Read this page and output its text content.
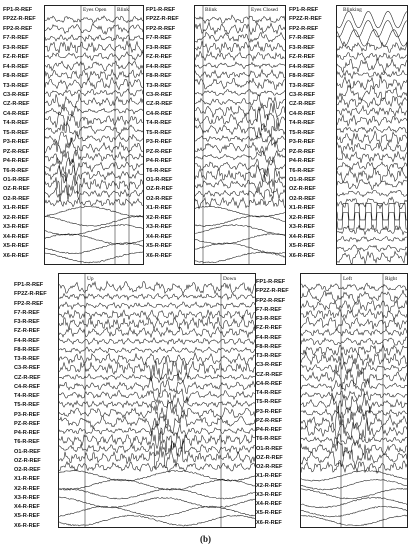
FP1-R-REF
FP2Z-R-REF
FP2-R-REF
F7-R-REF
F3-R-REF
FZ-R-REF
F4-R-REF
F8-R-REF
T3-R-REF
C3-R-REF
CZ-R-REF
C4-R-REF
T4-R-REF
T5-R-REF
P3-R-REF
PZ-R-REF
P4-R-REF
T6-R-REF
O1-R-REF
OZ-R-REF
O2-R-REF
X1-R-REF
X2-R-REF
X3-R-REF
X4-R-REF
X5-R-REF
X6-R-REF
FP1-R-REF
FP2Z-R-REF
FP2-R-REF
F7-R-REF
F3-R-REF
FZ-R-REF
F4-R-REF
F8-R-REF
T3-R-REF
C3-R-REF
CZ-R-REF
C4-R-REF
T4-R-REF
T5-R-REF
P3-R-REF
PZ-R-REF
P4-R-REF
T6-R-REF
O1-R-REF
OZ-R-REF
O2-R-REF
X1-R-REF
X2-R-REF
X3-R-REF
X4-R-REF
X5-R-REF
X6-R-REF
FP1-R-REF
FP2Z-R-REF
FP2-R-REF
F7-R-REF
F3-R-REF
FZ-R-REF
F4-R-REF
F8-R-REF
T3-R-REF
C3-R-REF
CZ-R-REF
C4-R-REF
T4-R-REF
T5-R-REF
P3-R-REF
PZ-R-REF
P4-R-REF
T6-R-REF
O1-R-REF
OZ-R-REF
O2-R-REF
X1-R-REF
X2-R-REF
X3-R-REF
X4-R-REF
X5-R-REF
X6-R-REF
FP1-R-REF
FP2Z-R-REF
FP2-R-REF
F7-R-REF
F3-R-REF
FZ-R-REF
F4-R-REF
F8-R-REF
T3-R-REF
C3-R-REF
CZ-R-REF
C4-R-REF
T4-R-REF
T5-R-REF
P3-R-REF
PZ-R-REF
P4-R-REF
T6-R-REF
O1-R-REF
OZ-R-REF
O2-R-REF
X1-R-REF
X2-R-REF
X3-R-REF
X4-R-REF
X5-R-REF
X6-R-REF
FP1-R-REF
FP2Z-R-REF
FP2-R-REF
F7-R-REF
F3-R-REF
FZ-R-REF
F4-R-REF
F8-R-REF
T3-R-REF
C3-R-REF
CZ-R-REF
C4-R-REF
T4-R-REF
T5-R-REF
P3-R-REF
PZ-R-REF
P4-R-REF
T6-R-REF
O1-R-REF
OZ-R-REF
O2-R-REF
X1-R-REF
X2-R-REF
X3-R-REF
X4-R-REF
X5-R-REF
X6-R-REF
Eyes Open Blink	Blink	Eyes Closed	Blinking
Up	Down	Left	Right
(b)
